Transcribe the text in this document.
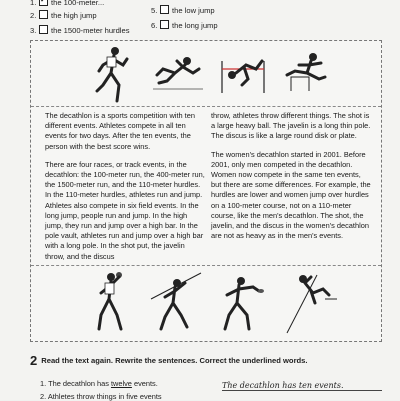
1.✓ the 100-meter...
2. the high jump
3. the 1500-meter hurdles
5. the low jump
6. the long jump

The decathlon is a sports competition with ten different events. Athletes compete in all ten events for two days. After the ten events, the person with the best score wins.

There are four races, or track events, in the decathlon: the 100-meter run, the 400-meter run, the 1500-meter run, and the 110-meter hurdles. In the 110-meter hurdles, athletes run and jump. Athletes also compete in six field events. In the long jump, people run and jump. In the high jump, they run and jump over a high bar. In the pole vault, athletes run and jump over a high bar with a long pole. In the shot put, the javelin throw, and the discus

throw, athletes throw different things. The shot is a large heavy ball. The javelin is a long thin pole. The discus is like a large round disk or plate.

The women's decathlon started in 2001. Before 2001, only men competed in the decathlon. Women now compete in the same ten events, but there are some differences. For example, the hurdles are lower and women jump over hurdles on a 100-meter course, not on a 110-meter course, like the men's decathlon. The shot, the javelin, and the discus in the women's decathlon are not as heavy as in the men's events.

2 Read the text again. Rewrite the sentences. Correct the underlined words.
1. The decathlon has twelve events.	The decathlon has ten events.
2. Athletes throw things in five events
